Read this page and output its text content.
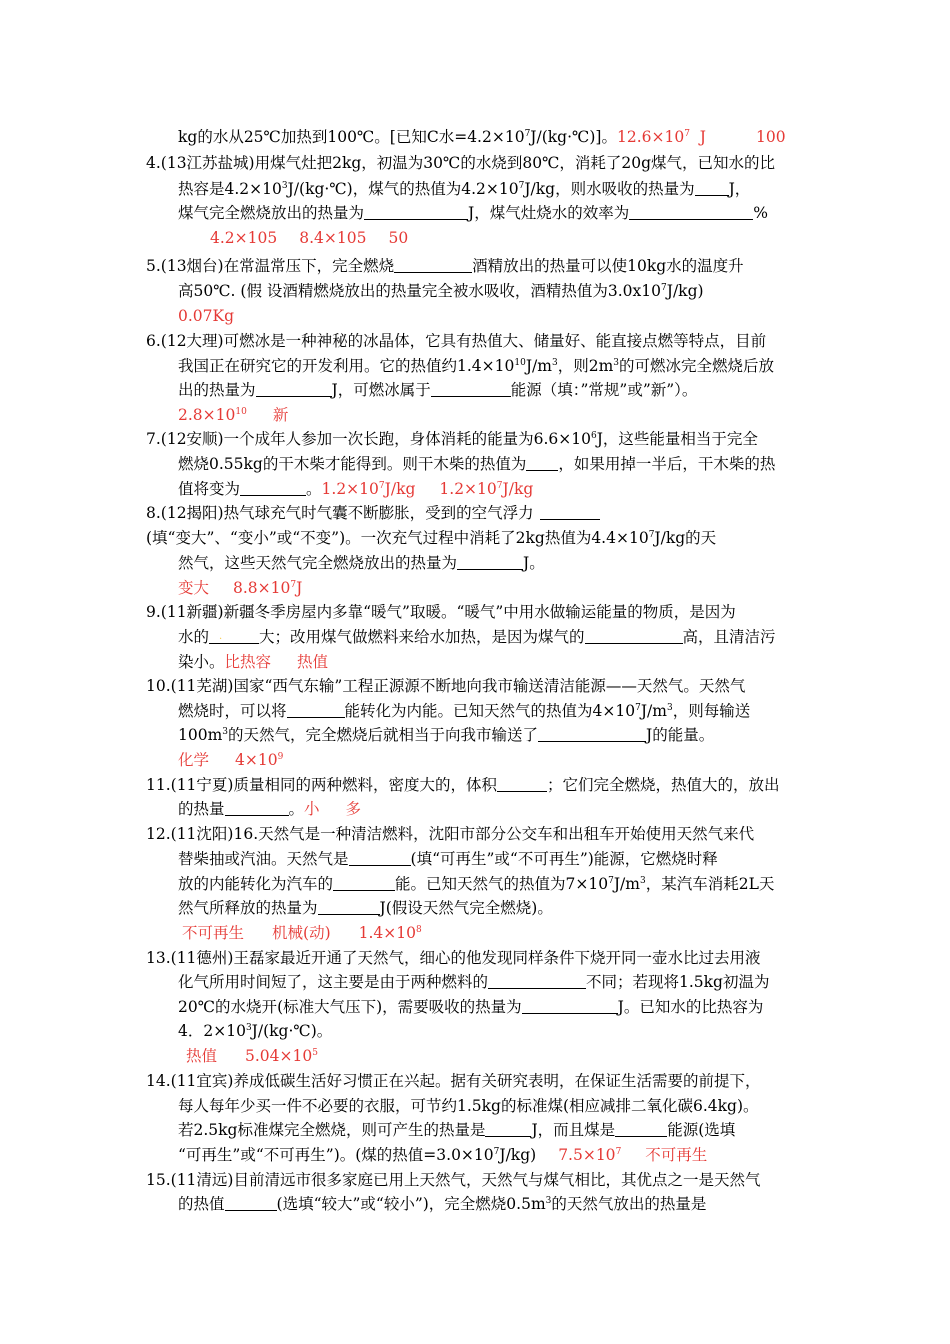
kg的水从25℃加热到100℃。[已知C水$=4.2\times 10^7J/(kg\cdot℃)$]。$12.6\times 10^7$ J	100
4.(13江苏盐城)用煤气灶把2kg，初温为30℃的水烧到80℃，消耗了20g煤气，已知水的比
热容是$4.2\times 10^3J/(kg\cdot℃)$，煤气的热值为$4.2\times 10^7J/kg$，则水吸收的热量为 J，
煤气完全燃烧放出的热量为	J，煤气灶烧水的效率为	%
4.2×105 8.4×105 50
5.(13烟台)在常温常压下，完全燃烧	酒精放出的热量可以使10kg水的温度升
高50℃. (假 设酒精燃烧放出的热量完全被水吸收，酒精热值为$3.0x10^7J/kg$)
0.07Kg
6.(12大理)可燃冰是一种神秘的冰晶体，它具有热值大、储量好、能直接点燃等特点，目前
我国正在研究它的开发利用。它的热值约$1.4\times 10^{10}J/m^3$，则$2m^3$的可燃冰完全燃烧后放
出的热量为	J，可燃冰属于	能源（填：”常规”或”新”）。
$2.8\times 10^{10}$ 新
7.(12安顺)一个成年人参加一次长跑，身体消耗的能量为$6.6\times 10^6J$，这些能量相当于完全
燃烧0.55kg的干木柴才能得到。则干木柴的热值为 ，如果用掉一半后，干木柴的热
值将变为	。$1.2\times 10^7J/kg$ $1.2\times 10^7J/kg$
8.(12揭阳)热气球充气时气囊不断膨胀，受到的空气浮力
(填“变大”、“变小”或“不变”)。一次充气过程中消耗了2kg热值为$4.4\times 10^7J/kg$的天
然气，这些天然气完全燃烧放出的热量为	J。
变大 $8.8\times 10^7J$
9.(11新疆)新疆冬季房屋内多靠“暖气”取暖。“暖气”中用水做输运能量的物质，是因为
水的 . 大；改用煤气做燃料来给水加热，是因为煤气的	高，且清洁污
染小。比热容 热值
10.(11芜湖)国家“西气东输”工程正源源不断地向我市输送清洁能源——天然气。天然气
燃烧时，可以将	能转化为内能。已知天然气的热值为$4\times 10^7J/m^3$，则每输送
$100m^3$的天然气，完全燃烧后就相当于向我市输送了	J的能量。
化学 $4\times 10^9$
11.(11宁夏)质量相同的两种燃料，密度大的，体积	；它们完全燃烧，热值大的，放出
的热量	。小 多
12.(11沈阳)16.天然气是一种清洁燃料，沈阳市部分公交车和出租车开始使用天然气来代
替柴抽或汽油。天然气是	(填“可再生”或“不可再生”)能源，它燃烧时释
放的内能转化为汽车的	能。已知天然气的热值为$7\times 10^7J/m^3$，某汽车消耗2L天
然气所释放的热量为	J(假设天然气完全燃烧)。
不可再生 机械(动) $1.4\times 10^8$
13.(11德州)王磊家最近开通了天然气，细心的他发现同样条件下烧开同一壶水比过去用液
化气所用时间短了，这主要是由于两种燃料的	不同；若现将1.5kg初温为
20℃的水烧开(标准大气压下)，需要吸收的热量为	J。已知水的比热容为
4．$2\times 10^3J/(kg\cdot℃)$。
热值 $5.04\times 10^5$
14.(11宜宾)养成低碳生活好习惯正在兴起。据有关研究表明，在保证生活需要的前提下，
每人每年少买一件不必要的衣服，可节约1.5kg的标准煤(相应减排二氧化碳6.4kg)。
若2.5kg标准煤完全燃烧，则可产生的热量是	J，而且煤是	能源(选填
“可再生”或“不可再生”)。(煤的热值$=3.0\times 10^7J/kg$) $7.5\times 10^7$ 不可再生
15.(11清远)目前清远市很多家庭已用上天然气，天然气与煤气相比，其优点之一是天然气
的热值	(选填“较大”或“较小”)，完全燃烧$0.5m^3$的天然气放出的热量是
